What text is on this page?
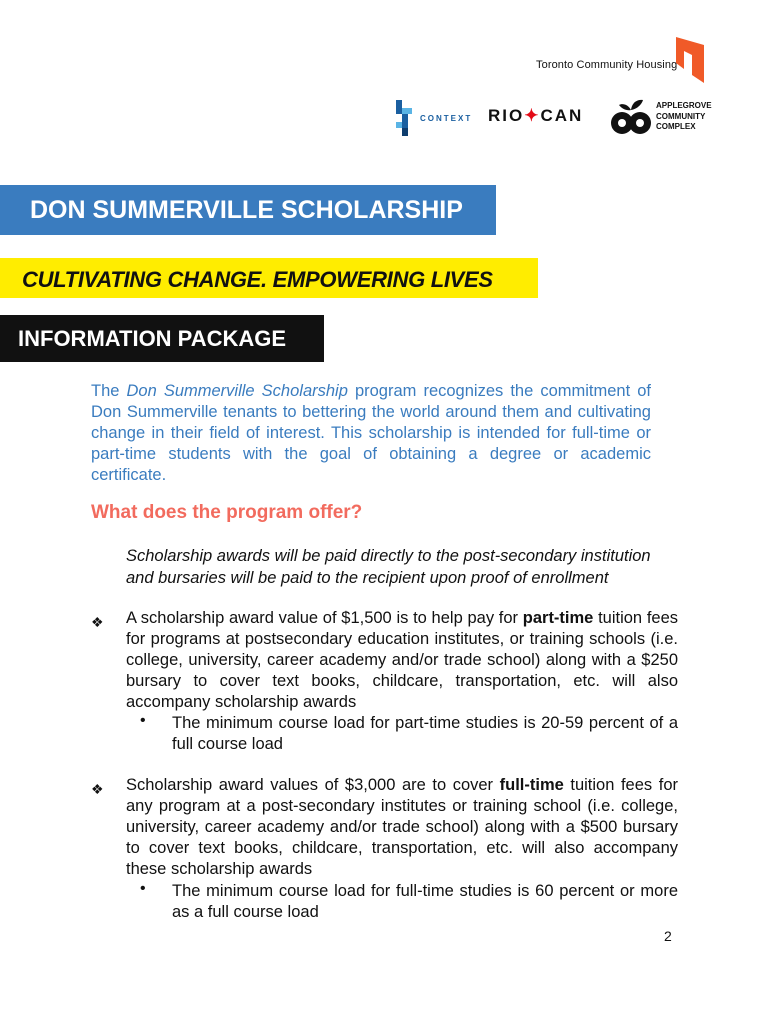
Toronto Community Housing
CONTEXT RIO✦CAN
APPLEGROVE
COMMUNITY
COMPLEX
DON SUMMERVILLE SCHOLARSHIP
CULTIVATING CHANGE. EMPOWERING LIVES
INFORMATION PACKAGE
The Don Summerville Scholarship program recognizes the commitment of Don Summerville tenants to bettering the world around them and cultivating change in their field of interest. This scholarship is intended for full-time or part-time students with the goal of obtaining a degree or academic certificate.
What does the program offer?
Scholarship awards will be paid directly to the post-secondary institution and bursaries will be paid to the recipient upon proof of enrollment
❖ A scholarship award value of $1,500 is to help pay for part-time tuition fees for programs at postsecondary education institutes, or training schools (i.e. college, university, career academy and/or trade school) along with a $250 bursary to cover text books, childcare, transportation, etc. will also accompany scholarship awards
• The minimum course load for part-time studies is 20-59 percent of a full course load
❖ Scholarship award values of $3,000 are to cover full-time tuition fees for any program at a post-secondary institutes or training school (i.e. college, university, career academy and/or trade school) along with a $500 bursary to cover text books, childcare, transportation, etc. will also accompany these scholarship awards
• The minimum course load for full-time studies is 60 percent or more as a full course load
2
